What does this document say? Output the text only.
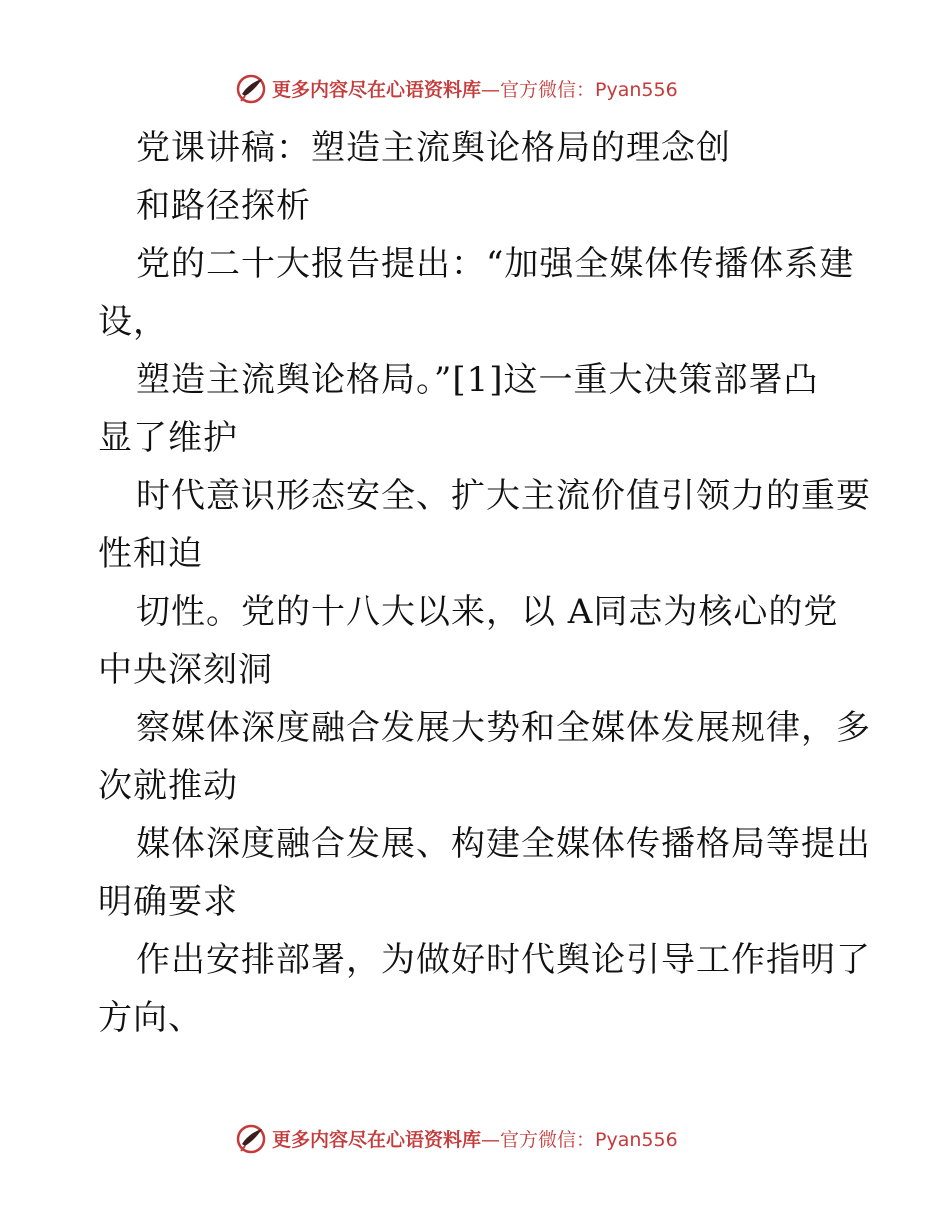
更多内容尽在心语资料库—官方微信：Pyan556
党课讲稿：塑造主流舆论格局的理念创
和路径探析
党的二十大报告提出：“加强全媒体传播体系建
设，
塑造主流舆论格局。”[1]这一重大决策部署凸
显了维护
时代意识形态安全、扩大主流价值引领力的重要
性和迫
切性。党的十八大以来，以 A同志为核心的党
中央深刻洞
察媒体深度融合发展大势和全媒体发展规律，多
次就推动
媒体深度融合发展、构建全媒体传播格局等提出
明确要求
作出安排部署，为做好时代舆论引导工作指明了
方向、
更多内容尽在心语资料库—官方微信：Pyan556
